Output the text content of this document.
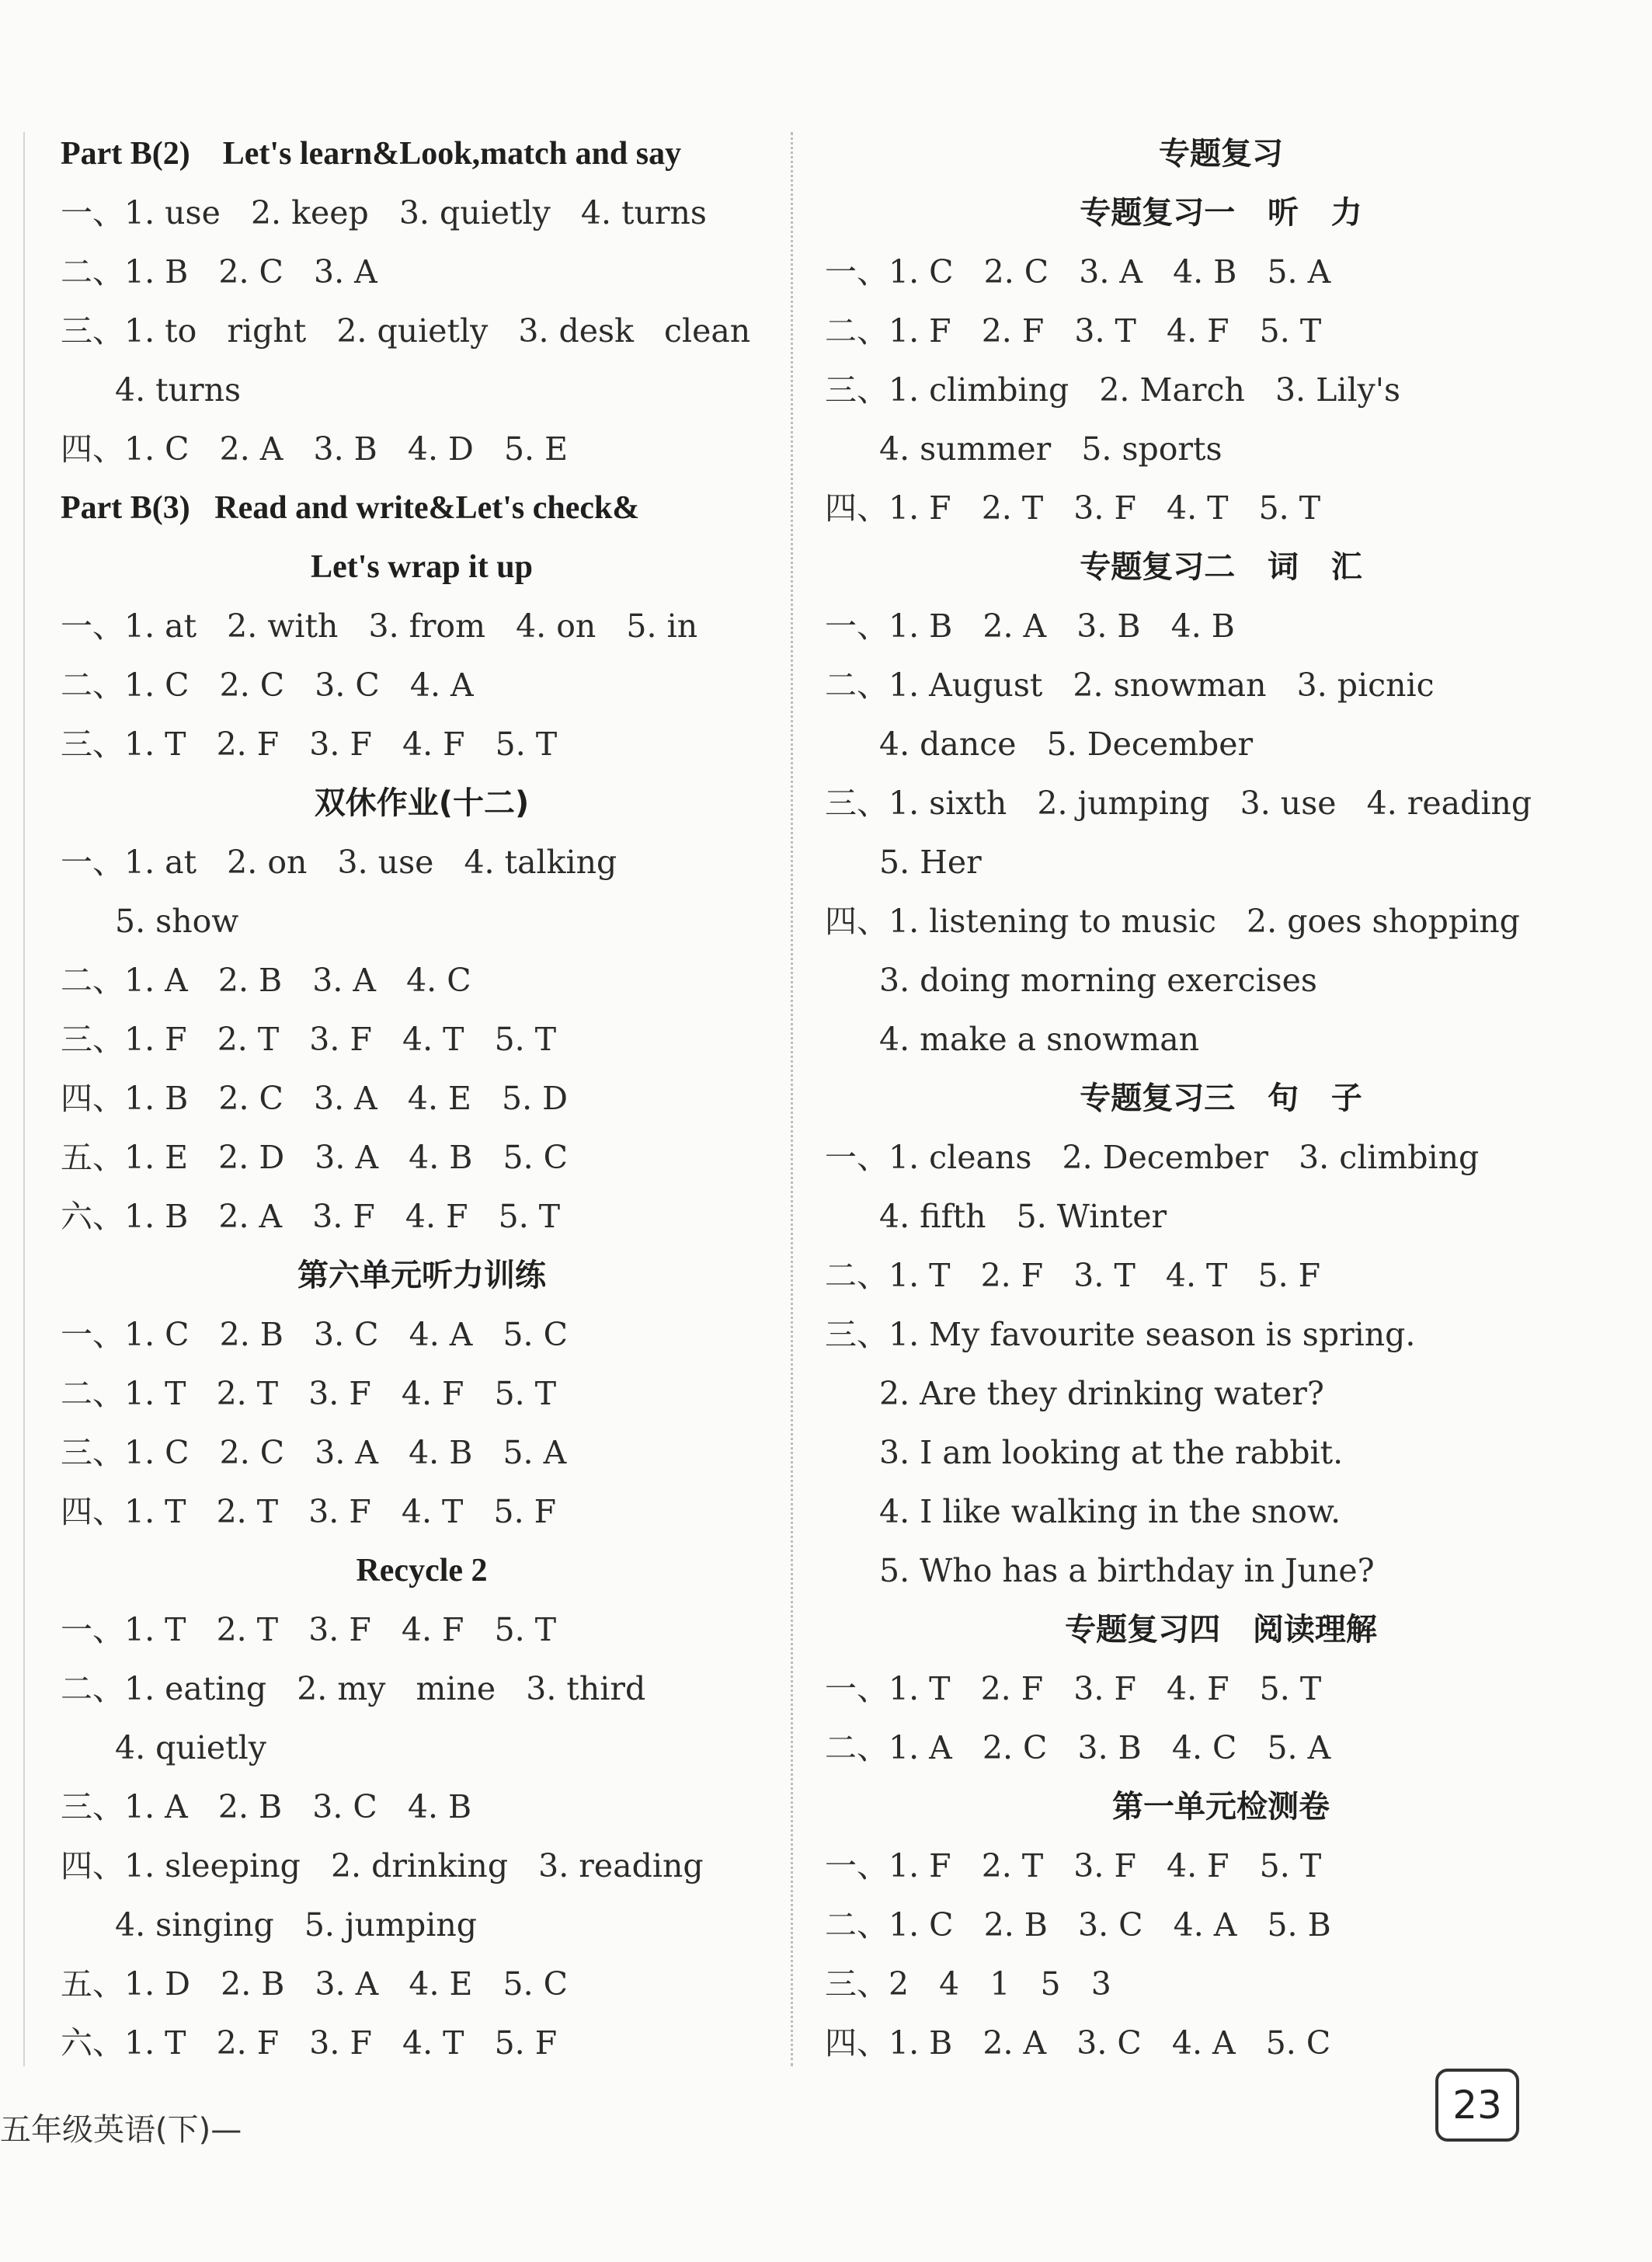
Part B(2)    Let's learn&Look,match and say
一、1. use   2. keep   3. quietly   4. turns
二、1. B   2. C   3. A
三、1. to   right   2. quietly   3. desk   clean
4. turns
四、1. C   2. A   3. B   4. D   5. E
Part B(3)   Read and write&Let's check&
Let's wrap it up
一、1. at   2. with   3. from   4. on   5. in
二、1. C   2. C   3. C   4. A
三、1. T   2. F   3. F   4. F   5. T
双休作业(十二)
一、1. at   2. on   3. use   4. talking
5. show
二、1. A   2. B   3. A   4. C
三、1. F   2. T   3. F   4. T   5. T
四、1. B   2. C   3. A   4. E   5. D
五、1. E   2. D   3. A   4. B   5. C
六、1. B   2. A   3. F   4. F   5. T
第六单元听力训练
一、1. C   2. B   3. C   4. A   5. C
二、1. T   2. T   3. F   4. F   5. T
三、1. C   2. C   3. A   4. B   5. A
四、1. T   2. T   3. F   4. T   5. F
Recycle 2
一、1. T   2. T   3. F   4. F   5. T
二、1. eating   2. my   mine   3. third
4. quietly
三、1. A   2. B   3. C   4. B
四、1. sleeping   2. drinking   3. reading
4. singing   5. jumping
五、1. D   2. B   3. A   4. E   5. C
六、1. T   2. F   3. F   4. T   5. F
专题复习
专题复习一   听   力
一、1. C   2. C   3. A   4. B   5. A
二、1. F   2. F   3. T   4. F   5. T
三、1. climbing   2. March   3. Lily's
4. summer   5. sports
四、1. F   2. T   3. F   4. T   5. T
专题复习二   词   汇
一、1. B   2. A   3. B   4. B
二、1. August   2. snowman   3. picnic
4. dance   5. December
三、1. sixth   2. jumping   3. use   4. reading
5. Her
四、1. listening to music   2. goes shopping
3. doing morning exercises
4. make a snowman
专题复习三   句   子
一、1. cleans   2. December   3. climbing
4. fifth   5. Winter
二、1. T   2. F   3. T   4. T   5. F
三、1. My favourite season is spring.
2. Are they drinking water?
3. I am looking at the rabbit.
4. I like walking in the snow.
5. Who has a birthday in June?
专题复习四   阅读理解
一、1. T   2. F   3. F   4. F   5. T
二、1. A   2. C   3. B   4. C   5. A
第一单元检测卷
一、1. F   2. T   3. F   4. F   5. T
二、1. C   2. B   3. C   4. A   5. B
三、2   4   1   5   3
四、1. B   2. A   3. C   4. A   5. C
五年级英语(下)—
23
